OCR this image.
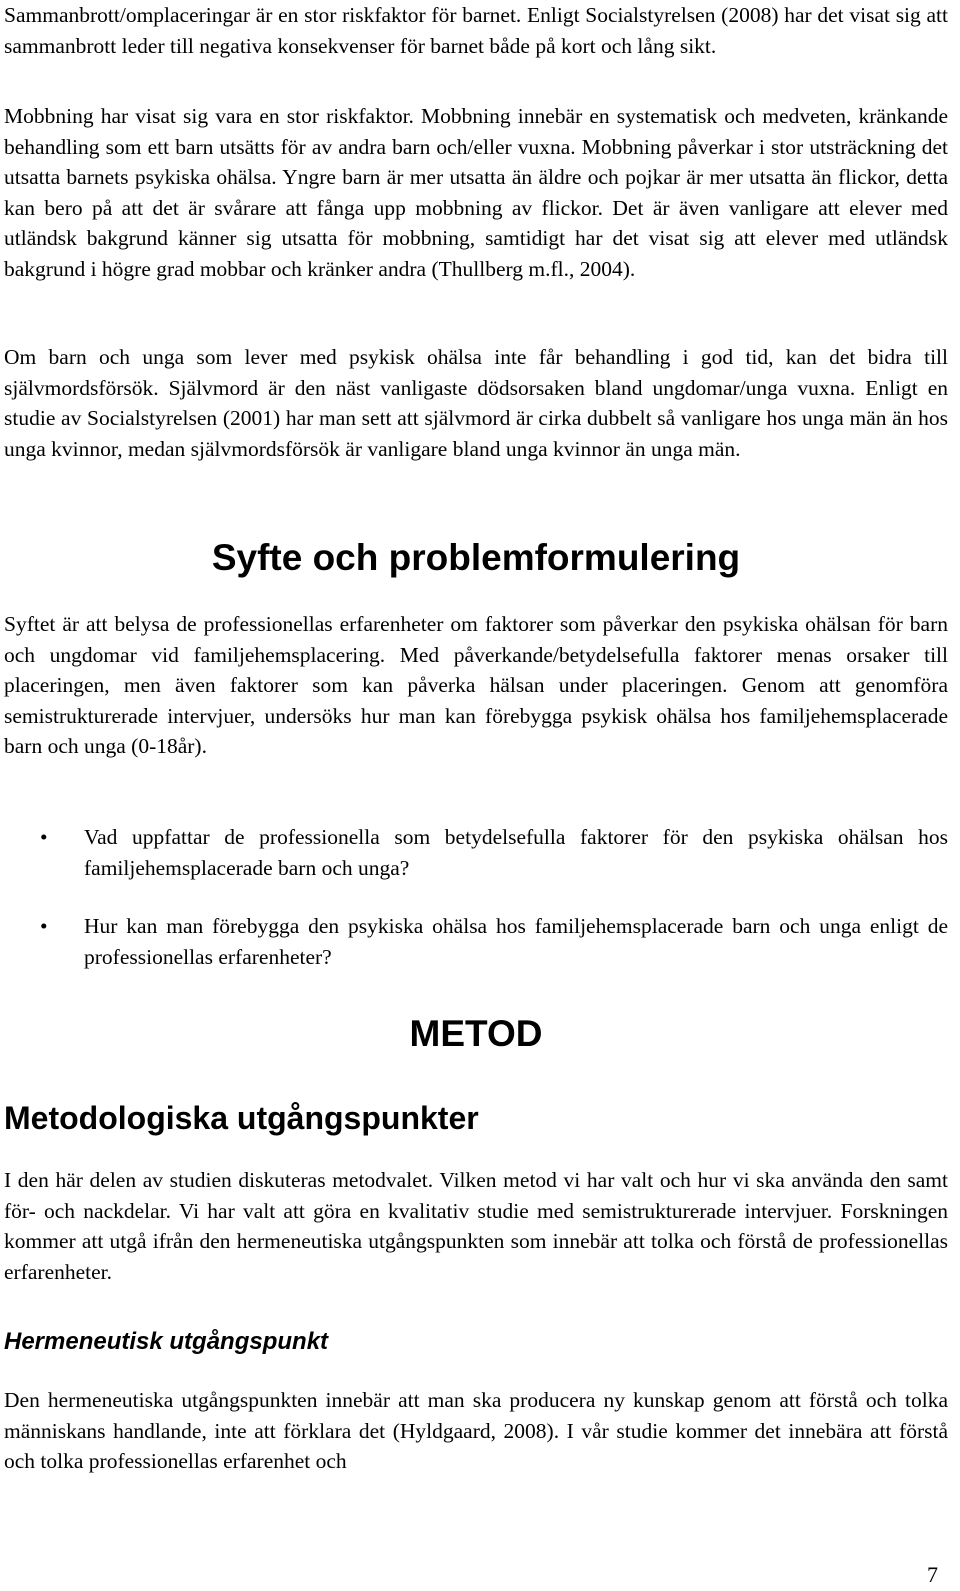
Sammanbrott/omplaceringar är en stor riskfaktor för barnet. Enligt Socialstyrelsen (2008) har det visat sig att sammanbrott leder till negativa konsekvenser för barnet både på kort och lång sikt.

Mobbning har visat sig vara en stor riskfaktor. Mobbning innebär en systematisk och medveten, kränkande behandling som ett barn utsätts för av andra barn och/eller vuxna. Mobbning påverkar i stor utsträckning det utsatta barnets psykiska ohälsa. Yngre barn är mer utsatta än äldre och pojkar är mer utsatta än flickor, detta kan bero på att det är svårare att fånga upp mobbning av flickor. Det är även vanligare att elever med utländsk bakgrund känner sig utsatta för mobbning, samtidigt har det visat sig att elever med utländsk bakgrund i högre grad mobbar och kränker andra (Thullberg m.fl., 2004).

Om barn och unga som lever med psykisk ohälsa inte får behandling i god tid, kan det bidra till självmordsförsök. Självmord är den näst vanligaste dödsorsaken bland ungdomar/unga vuxna. Enligt en studie av Socialstyrelsen (2001) har man sett att självmord är cirka dubbelt så vanligare hos unga män än hos unga kvinnor, medan självmordsförsök är vanligare bland unga kvinnor än unga män.

Syfte och problemformulering

Syftet är att belysa de professionellas erfarenheter om faktorer som påverkar den psykiska ohälsan för barn och ungdomar vid familjehemsplacering. Med påverkande/betydelsefulla faktorer menas orsaker till placeringen, men även faktorer som kan påverka hälsan under placeringen. Genom att genomföra semistrukturerade intervjuer, undersöks hur man kan förebygga psykisk ohälsa hos familjehemsplacerade barn och unga (0-18år).

•	Vad uppfattar de professionella som betydelsefulla faktorer för den psykiska ohälsan hos familjehemsplacerade barn och unga?
•	Hur kan man förebygga den psykiska ohälsa hos familjehemsplacerade barn och unga enligt de professionellas erfarenheter?
METOD
Metodologiska utgångspunkter

I den här delen av studien diskuteras metodvalet. Vilken metod vi har valt och hur vi ska använda den samt för- och nackdelar. Vi har valt att göra en kvalitativ studie med semistrukturerade intervjuer. Forskningen kommer att utgå ifrån den hermeneutiska utgångspunkten som innebär att tolka och förstå de professionellas erfarenheter.

Hermeneutisk utgångspunkt

Den hermeneutiska utgångspunkten innebär att man ska producera ny kunskap genom att förstå och tolka människans handlande, inte att förklara det (Hyldgaard, 2008). I vår studie kommer det innebära att förstå och tolka professionellas erfarenhet och

7
